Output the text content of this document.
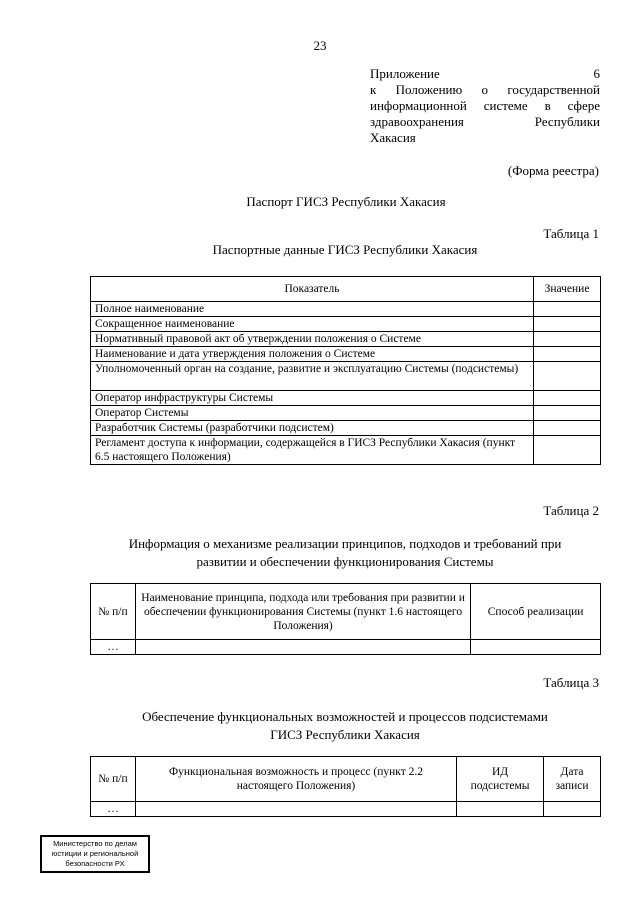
23
Приложение 6
к Положению о государственной
информационной системе в сфере
здравоохранения Республики
Хакасия
(Форма реестра)
Паспорт ГИСЗ Республики Хакасия
Таблица 1
Паспортные данные ГИСЗ Республики Хакасия
Показатель	Значение
Полное наименование	
Сокращенное наименование	
Нормативный правовой акт об утверждении положения о Системе	
Наименование и дата утверждения положения о Системе	
Уполномоченный орган на создание, развитие и эксплуатацию Системы (подсистемы)	
Оператор инфраструктуры Системы	
Оператор Системы	
Разработчик Системы (разработчики подсистем)	
Регламент доступа к информации, содержащейся в ГИСЗ Республики Хакасия (пункт 6.5 настоящего Положения)	
Таблица 2
Информация о механизме реализации принципов, подходов и требований при
развитии и обеспечении функционирования Системы
№ п/п	Наименование принципа, подхода или требования при развитии и обеспечении функционирования Системы (пункт 1.6 настоящего Положения)	Способ реализации
…		
Таблица 3
Обеспечение функциональных возможностей и процессов подсистемами
ГИСЗ Республики Хакасия
№ п/п	Функциональная возможность и процесс (пункт 2.2 настоящего Положения)	ИД подсистемы	Дата записи
…			
Министерство по делам
юстиции и региональной
безопасности РХ
